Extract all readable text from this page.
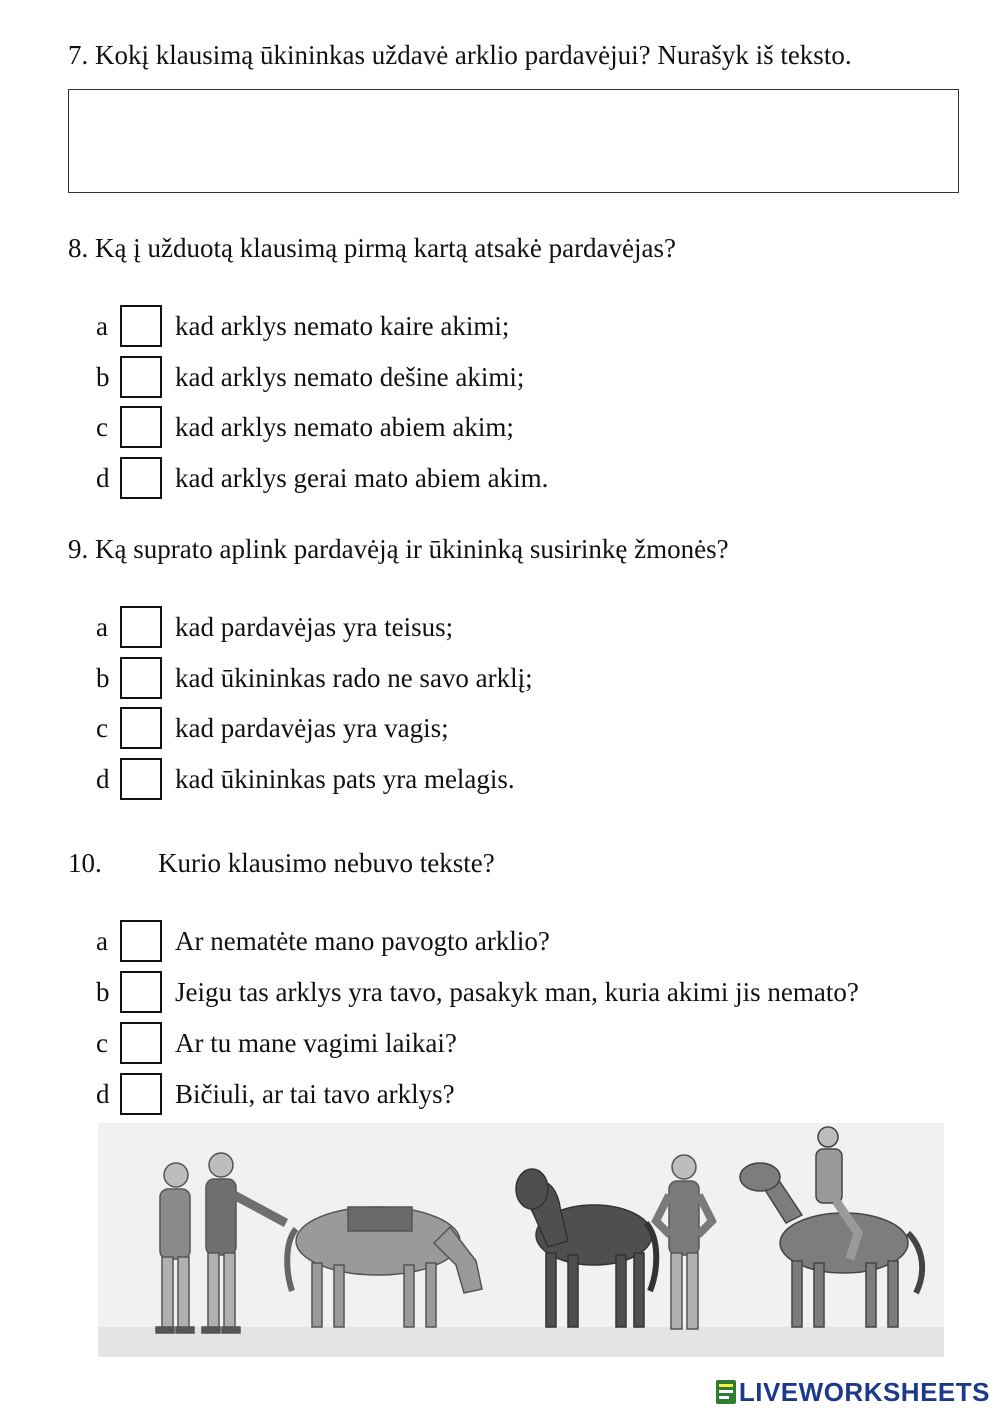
7. Kokį klausimą ūkininkas uždavė arklio pardavėjui? Nurašyk iš teksto.
8. Ką į užduotą klausimą pirmą kartą atsakė pardavėjas?
a kad arklys nemato kaire akimi;
b kad arklys nemato dešine akimi;
c kad arklys nemato abiem akim;
d kad arklys gerai mato abiem akim.
9. Ką suprato aplink pardavėją ir ūkininką susirinkę žmonės?
a kad pardavėjas yra teisus;
b kad ūkininkas rado ne savo arklį;
c kad pardavėjas yra vagis;
d kad ūkininkas pats yra melagis.
10. Kurio klausimo nebuvo tekste?
a Ar nematėte mano pavogto arklio?
b Jeigu tas arklys yra tavo, pasakyk man, kuria akimi jis nemato?
c Ar tu mane vagimi laikai?
d Bičiuli, ar tai tavo arklys?
LIVEWORKSHEETS
